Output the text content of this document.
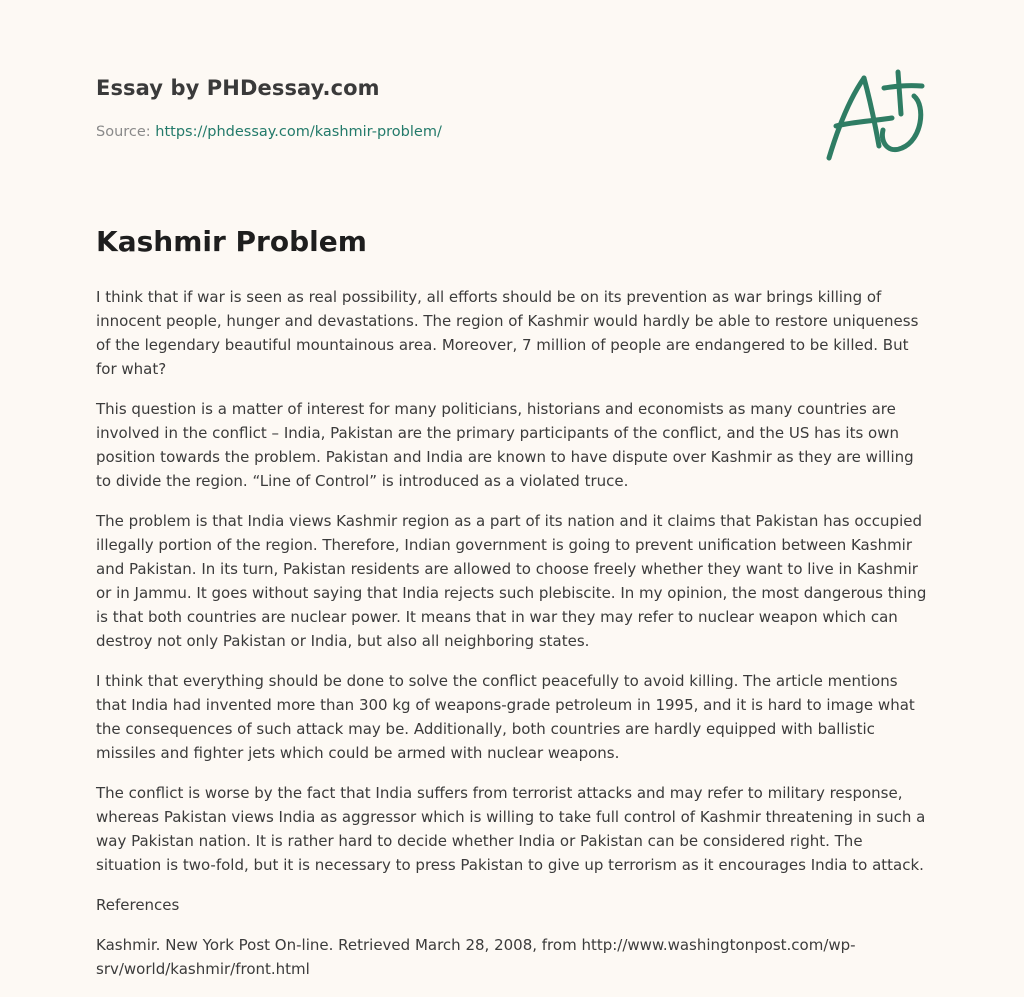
Essay by PHDessay.com
Source: https://phdessay.com/kashmir-problem/
Kashmir Problem

I think that if war is seen as real possibility, all efforts should be on its prevention as war brings killing of innocent people, hunger and devastations. The region of Kashmir would hardly be able to restore uniqueness of the legendary beautiful mountainous area. Moreover, 7 million of people are endangered to be killed. But for what?

This question is a matter of interest for many politicians, historians and economists as many countries are involved in the conflict – India, Pakistan are the primary participants of the conflict, and the US has its own position towards the problem. Pakistan and India are known to have dispute over Kashmir as they are willing to divide the region. “Line of Control” is introduced as a violated truce.

The problem is that India views Kashmir region as a part of its nation and it claims that Pakistan has occupied illegally portion of the region. Therefore, Indian government is going to prevent unification between Kashmir and Pakistan. In its turn, Pakistan residents are allowed to choose freely whether they want to live in Kashmir or in Jammu. It goes without saying that India rejects such plebiscite. In my opinion, the most dangerous thing is that both countries are nuclear power. It means that in war they may refer to nuclear weapon which can destroy not only Pakistan or India, but also all neighboring states.

I think that everything should be done to solve the conflict peacefully to avoid killing. The article mentions that India had invented more than 300 kg of weapons-grade petroleum in 1995, and it is hard to image what the consequences of such attack may be. Additionally, both countries are hardly equipped with ballistic missiles and fighter jets which could be armed with nuclear weapons.

The conflict is worse by the fact that India suffers from terrorist attacks and may refer to military response, whereas Pakistan views India as aggressor which is willing to take full control of Kashmir threatening in such a way Pakistan nation. It is rather hard to decide whether India or Pakistan can be considered right. The situation is two-fold, but it is necessary to press Pakistan to give up terrorism as it encourages India to attack.

References

Kashmir. New York Post On-line. Retrieved March 28, 2008, from http://www.washingtonpost.com/wp-srv/world/kashmir/front.html
